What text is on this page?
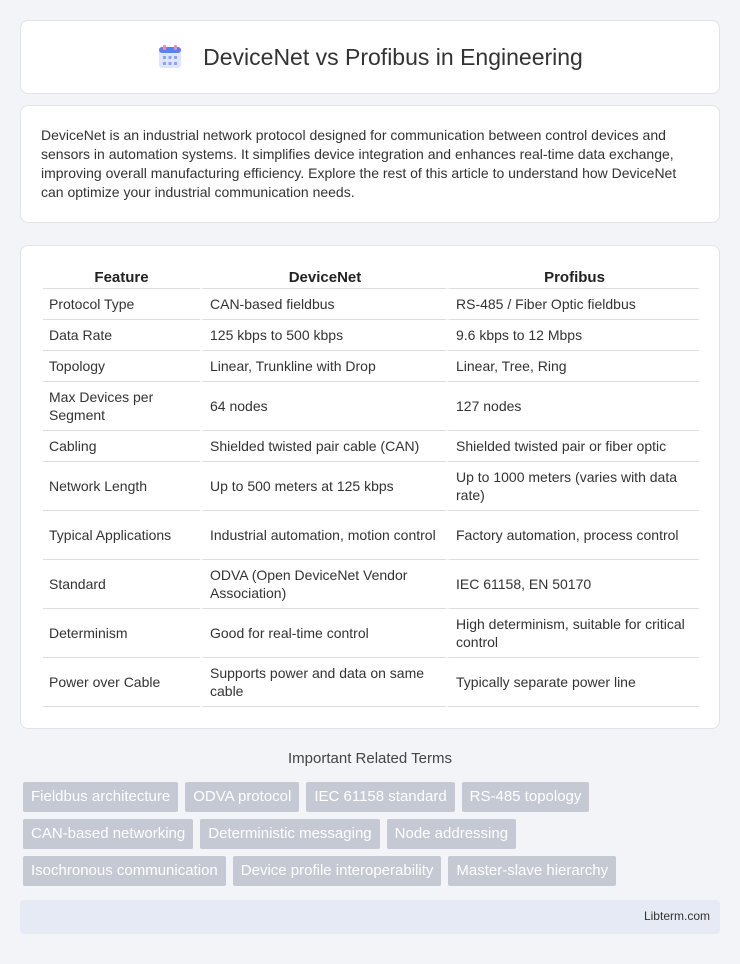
DeviceNet vs Profibus in Engineering

DeviceNet is an industrial network protocol designed for communication between control devices and sensors in automation systems. It simplifies device integration and enhances real-time data exchange, improving overall manufacturing efficiency. Explore the rest of this article to understand how DeviceNet can optimize your industrial communication needs.

Feature	DeviceNet	Profibus
Protocol Type	CAN-based fieldbus	RS-485 / Fiber Optic fieldbus
Data Rate	125 kbps to 500 kbps	9.6 kbps to 12 Mbps
Topology	Linear, Trunkline with Drop	Linear, Tree, Ring
Max Devices per Segment	64 nodes	127 nodes
Cabling	Shielded twisted pair cable (CAN)	Shielded twisted pair or fiber optic
Network Length	Up to 500 meters at 125 kbps	Up to 1000 meters (varies with data rate)
Typical Applications	Industrial automation, motion control	Factory automation, process control
Standard	ODVA (Open DeviceNet Vendor Association)	IEC 61158, EN 50170
Determinism	Good for real-time control	High determinism, suitable for critical control
Power over Cable	Supports power and data on same cable	Typically separate power line
Important Related Terms
Fieldbus architecture	ODVA protocol	IEC 61158 standard	RS-485 topology
CAN-based networking	Deterministic messaging	Node addressing
Isochronous communication	Device profile interoperability	Master-slave hierarchy
Libterm.com
